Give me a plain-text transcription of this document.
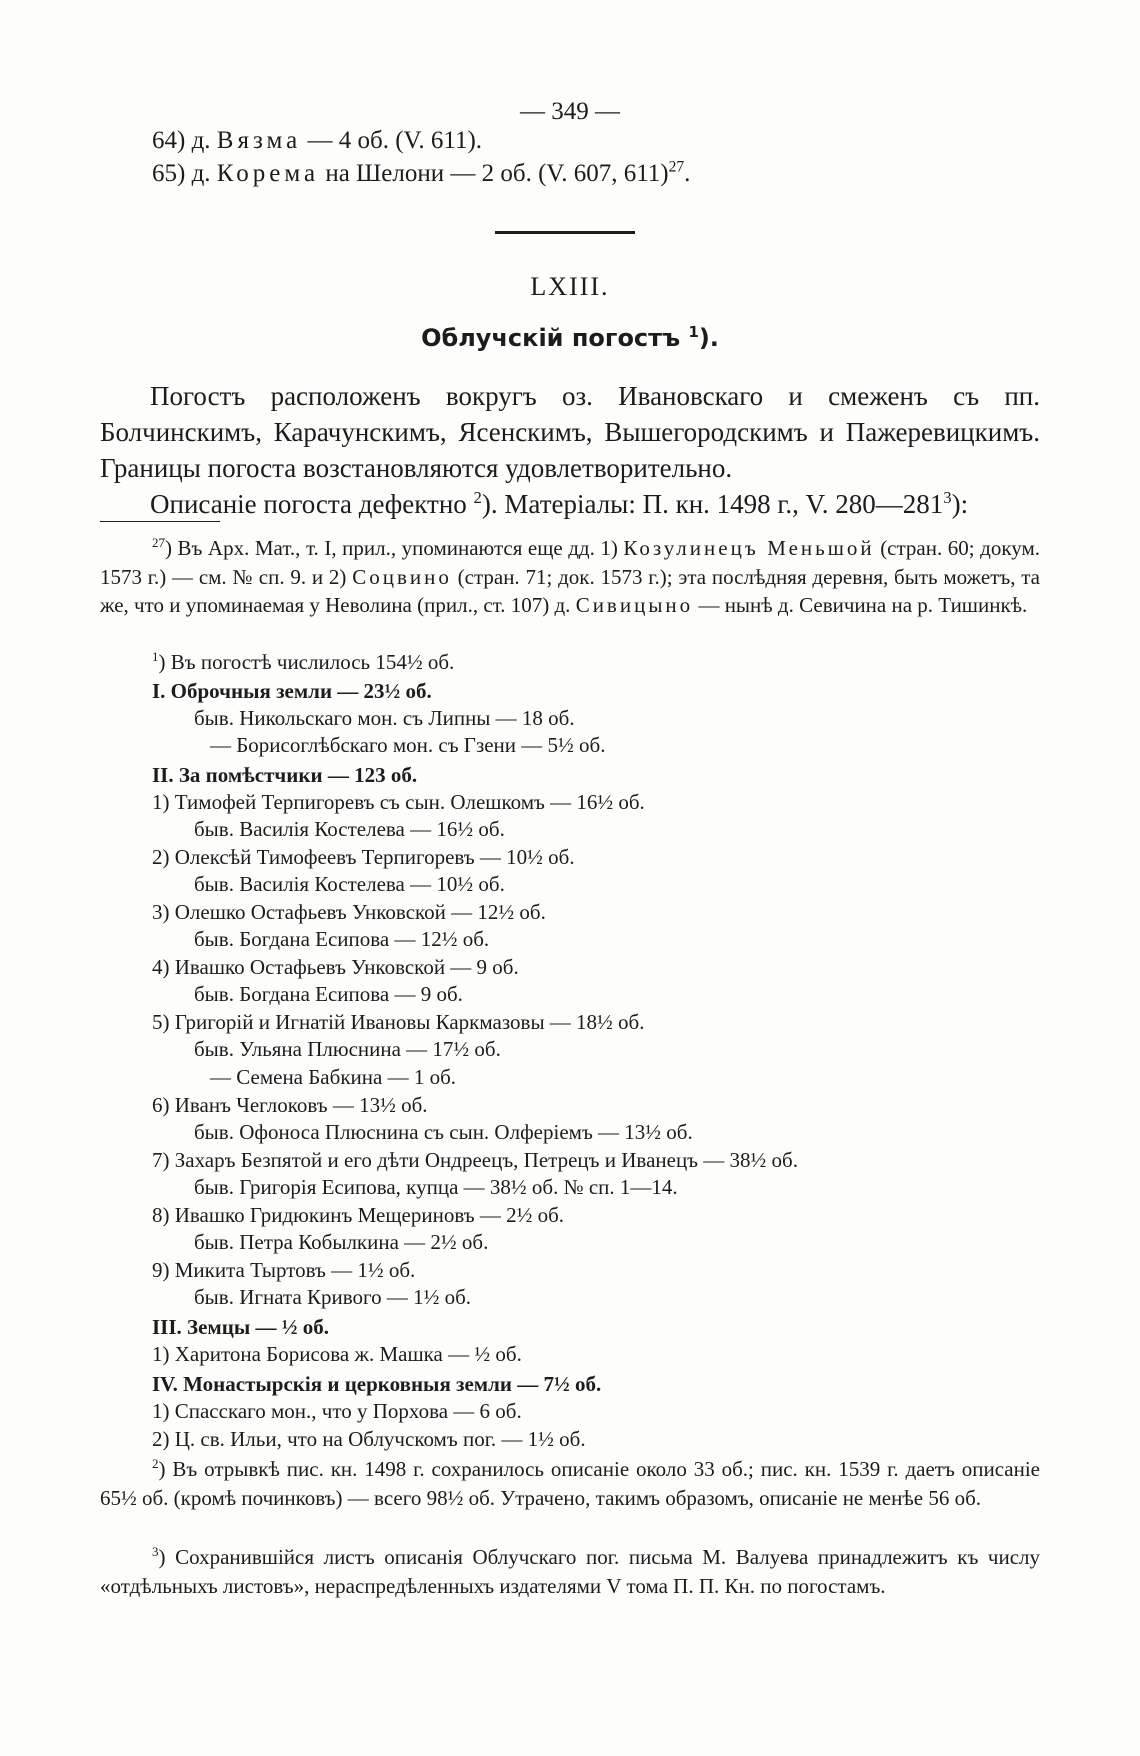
— 349 —
64) д. Вязма — 4 об. (V. 611).
65) д. Корема на Шелони — 2 об. (V. 607, 611)$^{27}$.
LXIII.
Облучскій погостъ $^1$).
Погостъ расположенъ вокругъ оз. Ивановскаго и смеженъ съ пп. Болчинскимъ, Карачунскимъ, Ясенскимъ, Вышегородскимъ и Пажеревицкимъ. Границы погоста возстановляются удовлетворительно.
Описаніе погоста дефектно $^2$). Матеріалы: П. кн. 1498 г., V. $280—281^3$):

$^{27}$) Въ Арх. Мат., т. I, прил., упоминаются еще дд. 1) Козулинецъ Меньшой (стран. 60; докум. 1573 г.) — см. № сп. 9. и 2) Соцвино (стран. 71; док. 1573 г.); эта послѣдняя деревня, быть можетъ, та же, что и упоминаемая у Неволина (прил., ст. 107) д. Сивицыно — нынѣ д. Севичина на р. Тишинкѣ.

$^1$) Въ погостѣ числилось 154½ об.
I. Оброчныя земли — 23½ об.
быв. Никольскаго мон. съ Липны — 18 об.
— Борисоглѣбскаго мон. съ Гзени — 5½ об.
II. За помѣстчики — 123 об.
1) Тимофей Терпигоревъ съ сын. Олешкомъ — 16½ об.
быв. Василія Костелева — 16½ об.
2) Олексѣй Тимофеевъ Терпигоревъ — 10½ об.
быв. Василія Костелева — 10½ об.
3) Олешко Остафьевъ Унковской — 12½ об.
быв. Богдана Есипова — 12½ об.
4) Ивашко Остафьевъ Унковской — 9 об.
быв. Богдана Есипова — 9 об.
5) Григорій и Игнатій Ивановы Каркмазовы — 18½ об.
быв. Ульяна Плюснина — 17½ об.
— Семена Бабкина — 1 об.
6) Иванъ Чеглоковъ — 13½ об.
быв. Офоноса Плюснина съ сын. Олферіемъ — 13½ об.
7) Захаръ Безпятой и его дѣти Ондреецъ, Петрецъ и Иванецъ — 38½ об.
быв. Григорія Есипова, купца — 38½ об. № сп. 1—14.
8) Ивашко Гридюкинъ Мещериновъ — 2½ об.
быв. Петра Кобылкина — 2½ об.
9) Микита Тыртовъ — 1½ об.
быв. Игната Кривого — 1½ об.
III. Земцы — ½ об.
1) Харитона Борисова ж. Машка — ½ об.
IV. Монастырскія и церковныя земли — 7½ об.
1) Спасскаго мон., что у Порхова — 6 об.
2) Ц. св. Ильи, что на Облучскомъ пог. — 1½ об.

$^2$) Въ отрывкѣ пис. кн. 1498 г. сохранилось описаніе около 33 об.; пис. кн. 1539 г. даетъ описаніе 65½ об. (кромѣ починковъ) — всего 98½ об. Утрачено, такимъ образомъ, описаніе не менѣе 56 об.

$^3$) Сохранившійся листъ описанія Облучскаго пог. письма М. Валуева принадлежитъ къ числу «отдѣльныхъ листовъ», нераспредѣленныхъ издателями V тома П. П. Кн. по погостамъ.
